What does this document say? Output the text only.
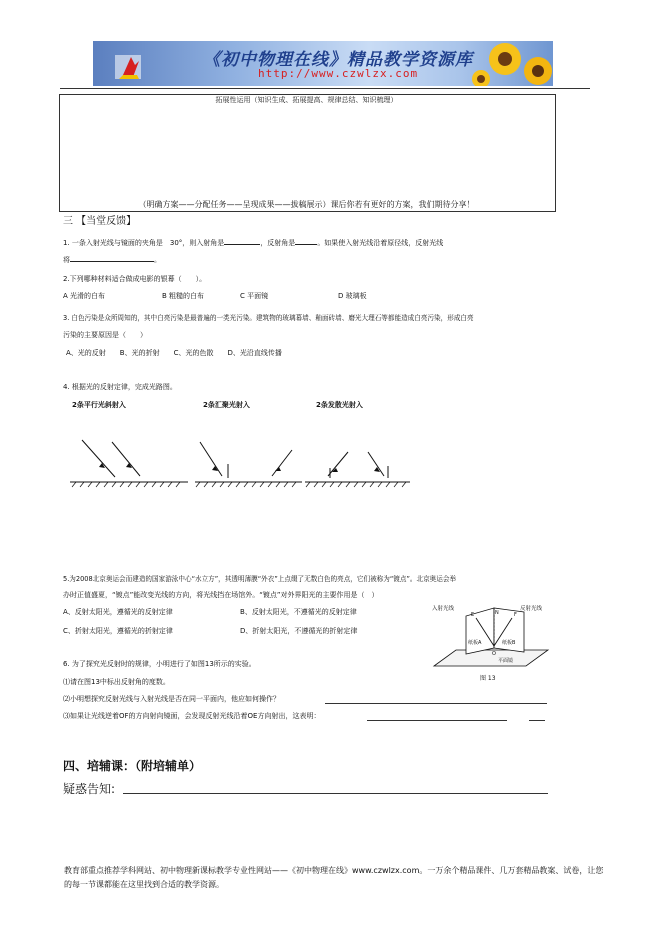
《初中物理在线》精品教学资源库
http://www.czwlzx.com
拓展性运用（知识生成、拓展提高、规律总结、知识梳理）
（明确方案——分配任务——呈现成果——拔稿展示）课后你若有更好的方案，我们期待分享！
三 【当堂反馈】
1. 一条入射光线与镜面的夹角是　30°，则入射角是	，反射角是	。如果使入射光线沿着原径线，反射光线
将	。
2.下列哪种材料适合做成电影的银幕（　　）。
A 光滑的白布	B 粗糙的白布	C 平面镜	D 玻璃板
3. 白色污染是众所周知的，其中白亮污染是最普遍的一类光污染。建筑物的玻璃幕墙、釉面砖墙、磨光大理石等都能造成白亮污染，形成白亮
污染的主要原因是（　　）
A、光的反射　　B、光的折射　　C、光的色散　　D、光沿直线传播
4. 根据光的反射定律，完成光路图。
2条平行光斜射入	2条汇聚光射入	2条发散光射入
5.为2008北京奥运会而建造的国家游泳中心“水立方”，其透明薄膜“外衣”上点缀了无数白色的亮点，它们被称为“镀点”。北京奥运会举
办时正值盛夏，“镀点”能改变光线的方向，将光线挡在场馆外。“镀点”对外界阳光的主要作用是（　）
A、反射太阳光，遵循光的反射定律	B、反射太阳光，不遵循光的反射定律
C、折射太阳光，遵循光的折射定律	D、折射太阳光，不遵循光的折射定律
入射光线	反射光线
E	N	F
O
纸板A	纸板B
平面镜
图 13
6. 为了探究光反射时的规律，小明进行了如图13所示的实验。
⑴请在图13中标出反射角的度数。
⑵小明想探究反射光线与入射光线是否在同一平面内，他应如何操作？
⑶如果让光线逆着OF的方向射向镜面，会发现反射光线沿着OE方向射出，这表明：
四、培辅课：（附培辅单）
疑惑告知:
教育部重点推荐学科网站、初中物理新课标教学专业性网站——《初中物理在线》www.czwlzx.com。一万余个精品课件、几万套精品教案、试卷，让您的每一节课都能在这里找到合适的教学资源。
